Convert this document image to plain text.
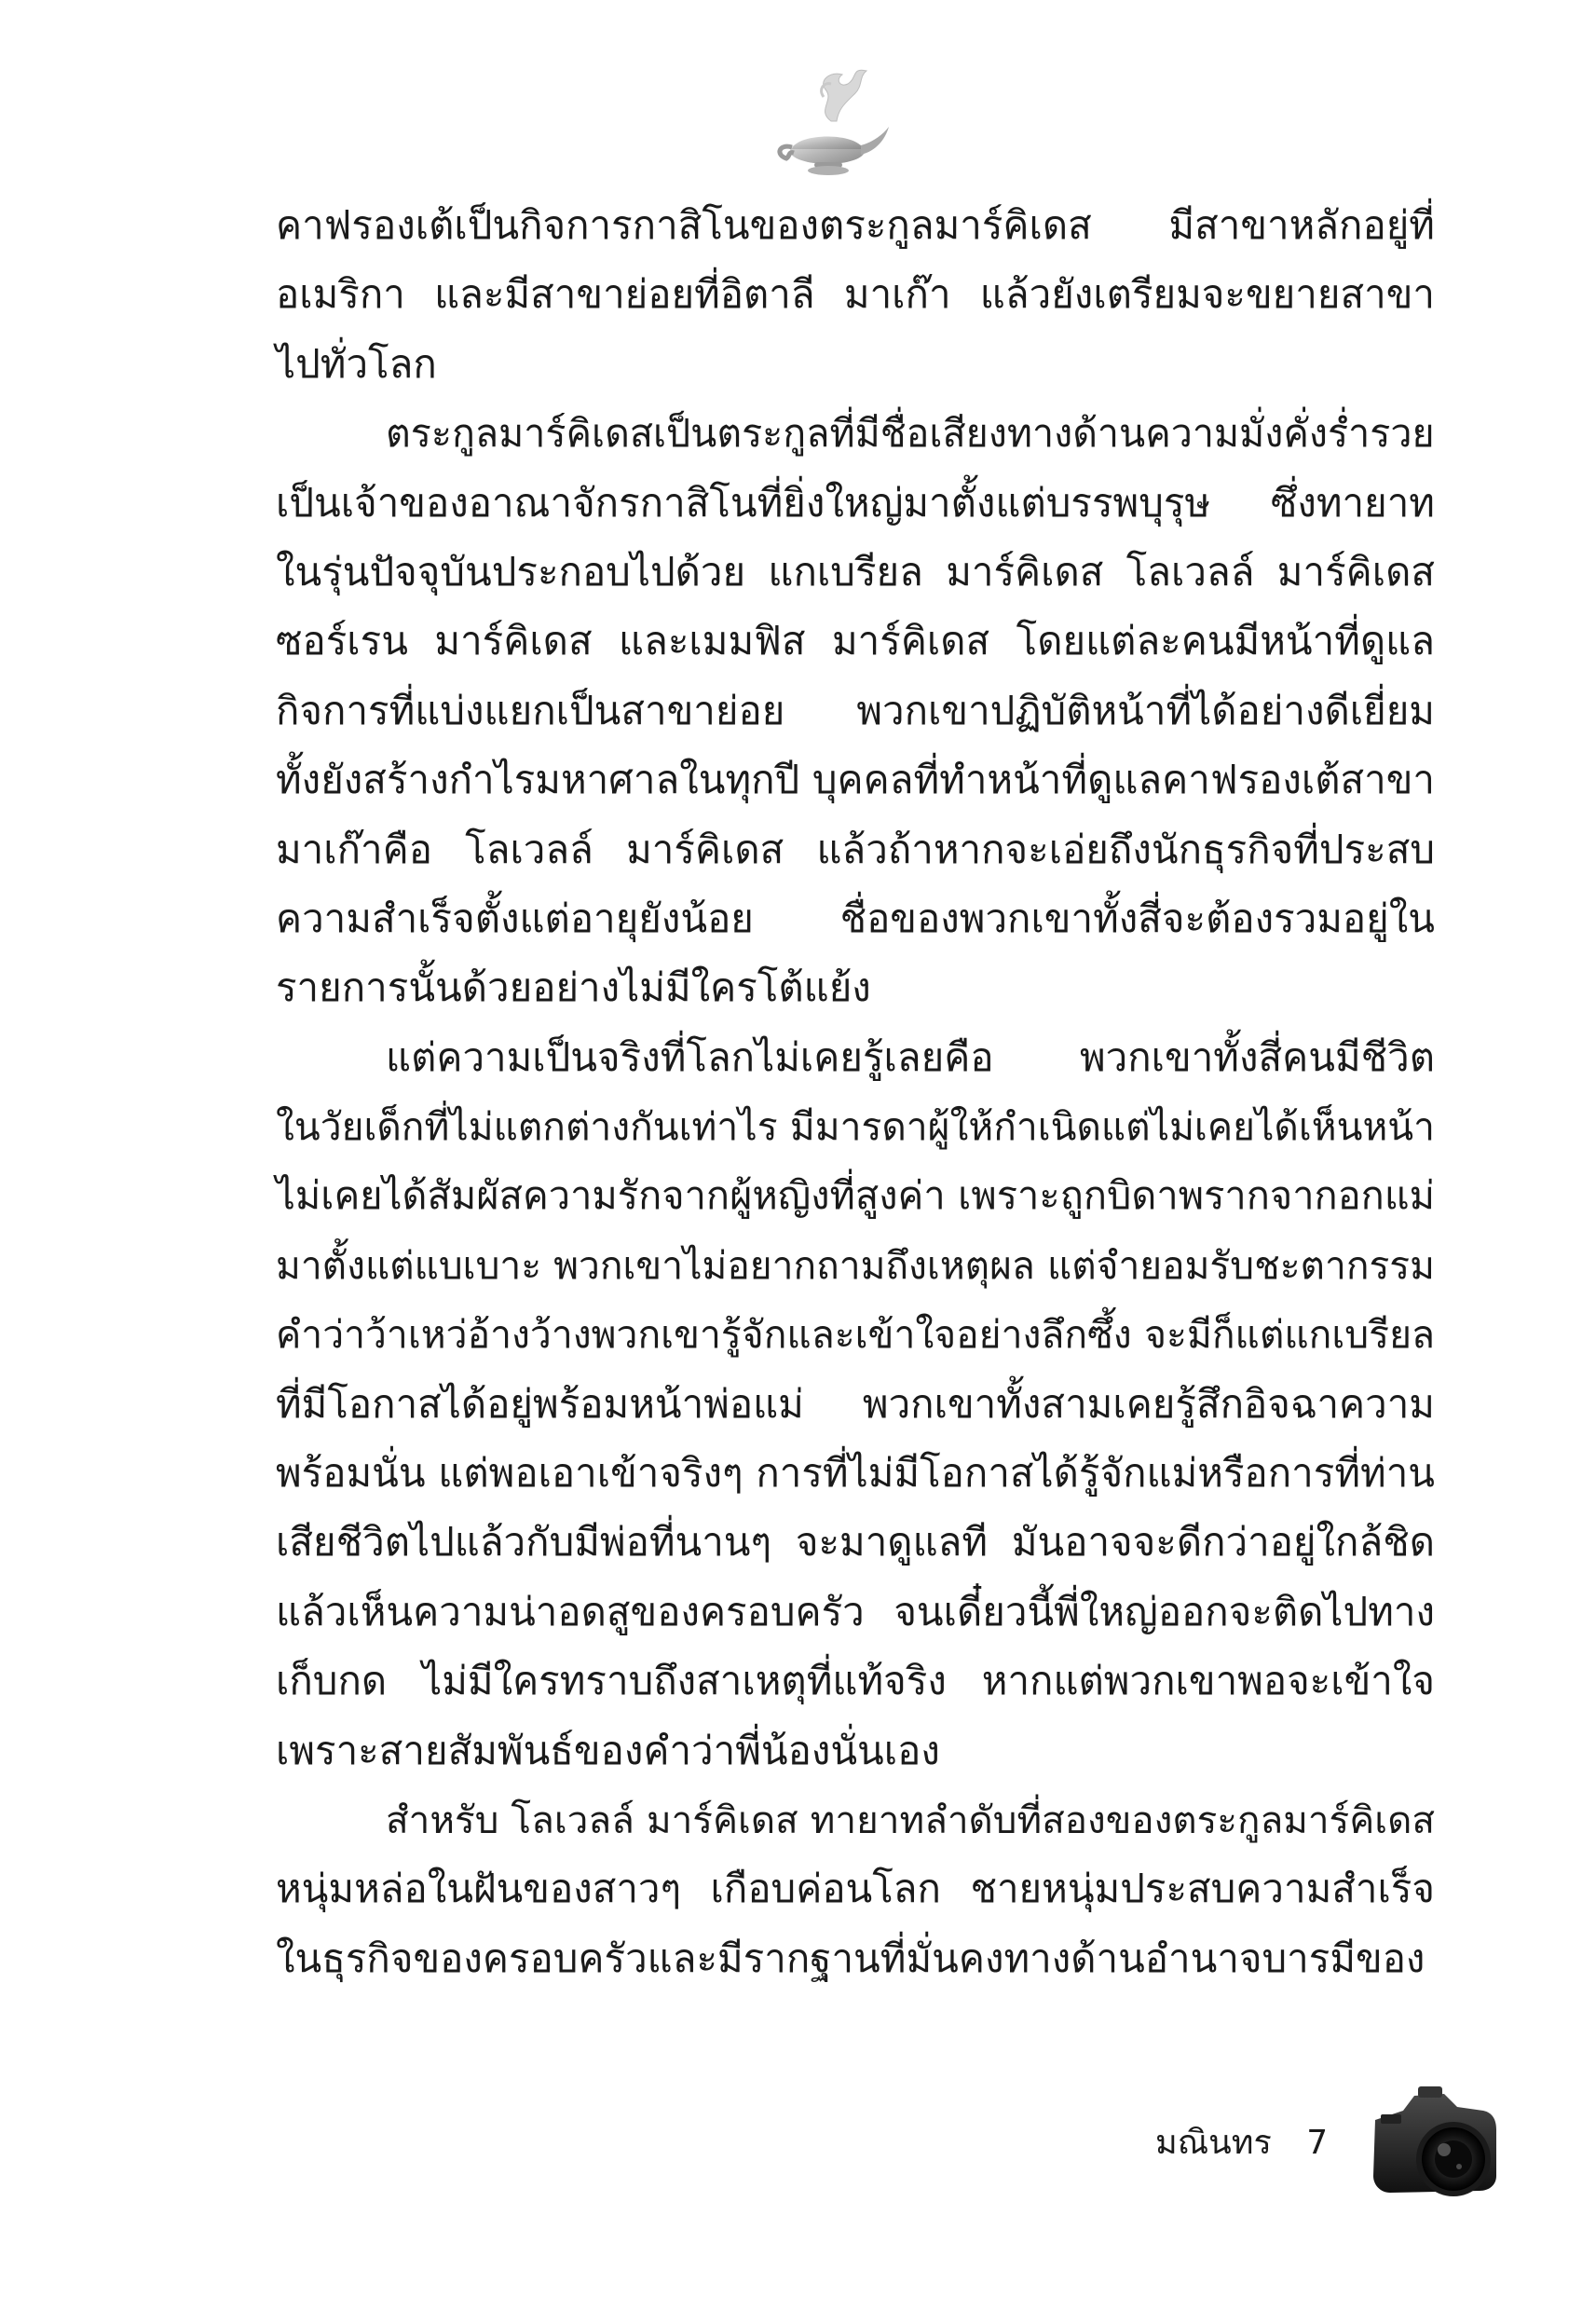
คาฟรองเต้เป็นกิจการกาสิโนของตระกูลมาร์คิเดส มีสาขาหลักอยู่ที่
อเมริกา และมีสาขาย่อยที่อิตาลี มาเก๊า แล้วยังเตรียมจะขยายสาขา
ไปทั่วโลก
ตระกูลมาร์คิเดสเป็นตระกูลที่มีชื่อเสียงทางด้านความมั่งคั่งร่ำรวย
เป็นเจ้าของอาณาจักรกาสิโนที่ยิ่งใหญ่มาตั้งแต่บรรพบุรุษ ซึ่งทายาท
ในรุ่นปัจจุบันประกอบไปด้วย แกเบรียล มาร์คิเดส โลเวลล์ มาร์คิเดส
ซอร์เรน มาร์คิเดส และเมมฟิส มาร์คิเดส โดยแต่ละคนมีหน้าที่ดูแล
กิจการที่แบ่งแยกเป็นสาขาย่อย พวกเขาปฏิบัติหน้าที่ได้อย่างดีเยี่ยม
ทั้งยังสร้างกำไรมหาศาลในทุกปี บุคคลที่ทำหน้าที่ดูแลคาฟรองเต้สาขา
มาเก๊าคือ โลเวลล์ มาร์คิเดส แล้วถ้าหากจะเอ่ยถึงนักธุรกิจที่ประสบ
ความสำเร็จตั้งแต่อายุยังน้อย ชื่อของพวกเขาทั้งสี่จะต้องรวมอยู่ใน
รายการนั้นด้วยอย่างไม่มีใครโต้แย้ง
แต่ความเป็นจริงที่โลกไม่เคยรู้เลยคือ พวกเขาทั้งสี่คนมีชีวิต
ในวัยเด็กที่ไม่แตกต่างกันเท่าไร มีมารดาผู้ให้กำเนิดแต่ไม่เคยได้เห็นหน้า
ไม่เคยได้สัมผัสความรักจากผู้หญิงที่สูงค่า เพราะถูกบิดาพรากจากอกแม่
มาตั้งแต่แบเบาะ พวกเขาไม่อยากถามถึงเหตุผล แต่จำยอมรับชะตากรรม
คำว่าว้าเหว่อ้างว้างพวกเขารู้จักและเข้าใจอย่างลึกซึ้ง จะมีก็แต่แกเบรียล
ที่มีโอกาสได้อยู่พร้อมหน้าพ่อแม่ พวกเขาทั้งสามเคยรู้สึกอิจฉาความ
พร้อมนั่น แต่พอเอาเข้าจริงๆ การที่ไม่มีโอกาสได้รู้จักแม่หรือการที่ท่าน
เสียชีวิตไปแล้วกับมีพ่อที่นานๆ จะมาดูแลที มันอาจจะดีกว่าอยู่ใกล้ชิด
แล้วเห็นความน่าอดสูของครอบครัว จนเดี๋ยวนี้พี่ใหญ่ออกจะติดไปทาง
เก็บกด ไม่มีใครทราบถึงสาเหตุที่แท้จริง หากแต่พวกเขาพอจะเข้าใจ
เพราะสายสัมพันธ์ของคำว่าพี่น้องนั่นเอง
สำหรับ โลเวลล์ มาร์คิเดส ทายาทลำดับที่สองของตระกูลมาร์คิเดส
หนุ่มหล่อในฝันของสาวๆ เกือบค่อนโลก ชายหนุ่มประสบความสำเร็จ
ในธุรกิจของครอบครัวและมีรากฐานที่มั่นคงทางด้านอำนาจบารมีของ
มณินทร 7
